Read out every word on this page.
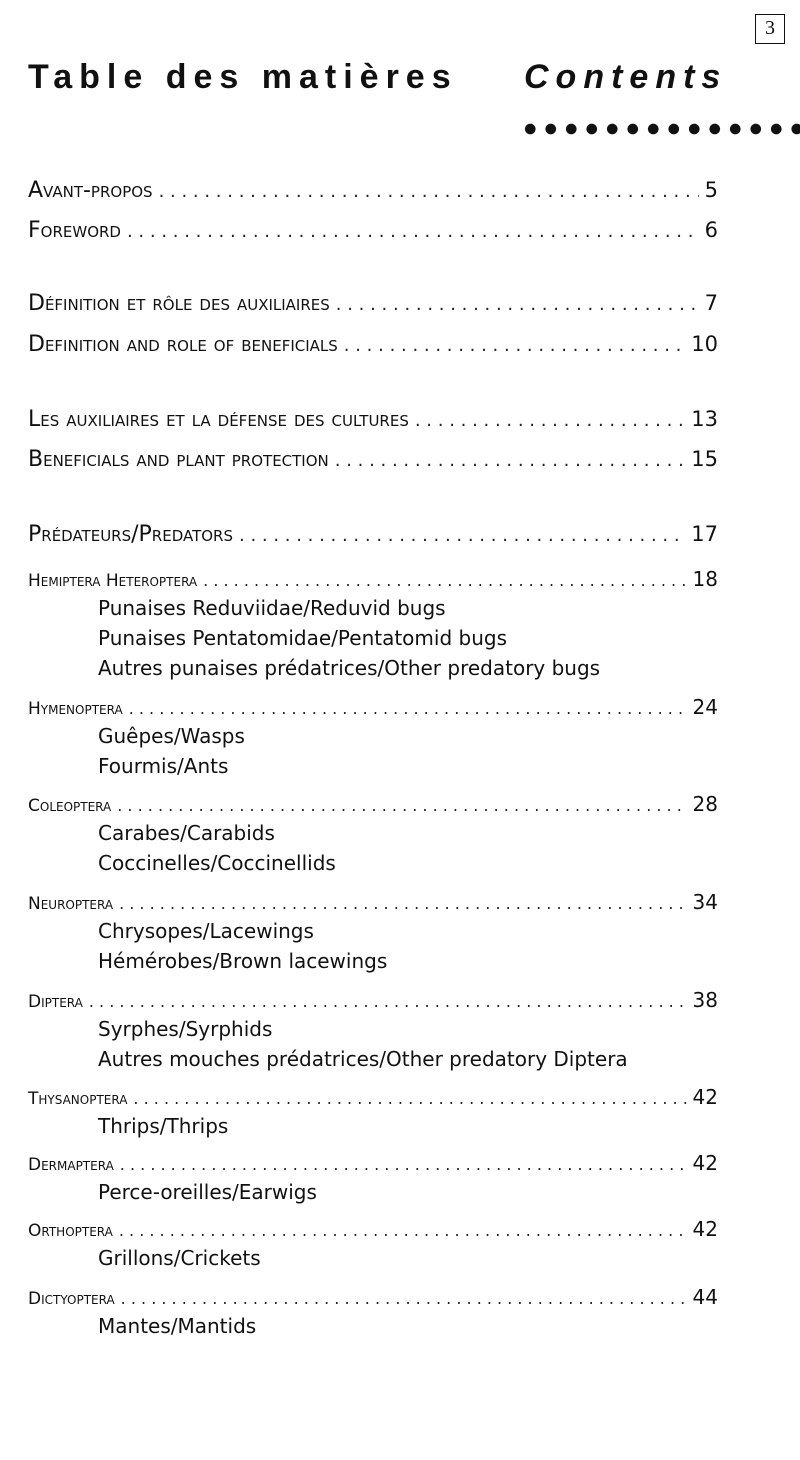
3
Table des matières Contents
Avant-propos . . .	5
Foreword . . .	6
Définition et rôle des auxiliaires . . .	7
Definition and role of beneficials . . .	10
Les auxiliaires et la défense des cultures . . .	13
Beneficials and plant protection . . .	15
Prédateurs/Predators . . .	17
Hemiptera Heteroptera . . .	18
Punaises Reduviidae/Reduvid bugs
Punaises Pentatomidae/Pentatomid bugs
Autres punaises prédatrices/Other predatory bugs
Hymenoptera . . .	24
Guêpes/Wasps
Fourmis/Ants
Coleoptera . . .	28
Carabes/Carabids
Coccinelles/Coccinellids
Neuroptera . . .	34
Chrysopes/Lacewings
Hémérobes/Brown lacewings
Diptera . . .	38
Syrphes/Syrphids
Autres mouches prédatrices/Other predatory Diptera
Thysanoptera . . .	42
Thrips/Thrips
Dermaptera . . .	42
Perce-oreilles/Earwigs
Orthoptera . . .	42
Grillons/Crickets
Dictyoptera . . .	44
Mantes/Mantids
